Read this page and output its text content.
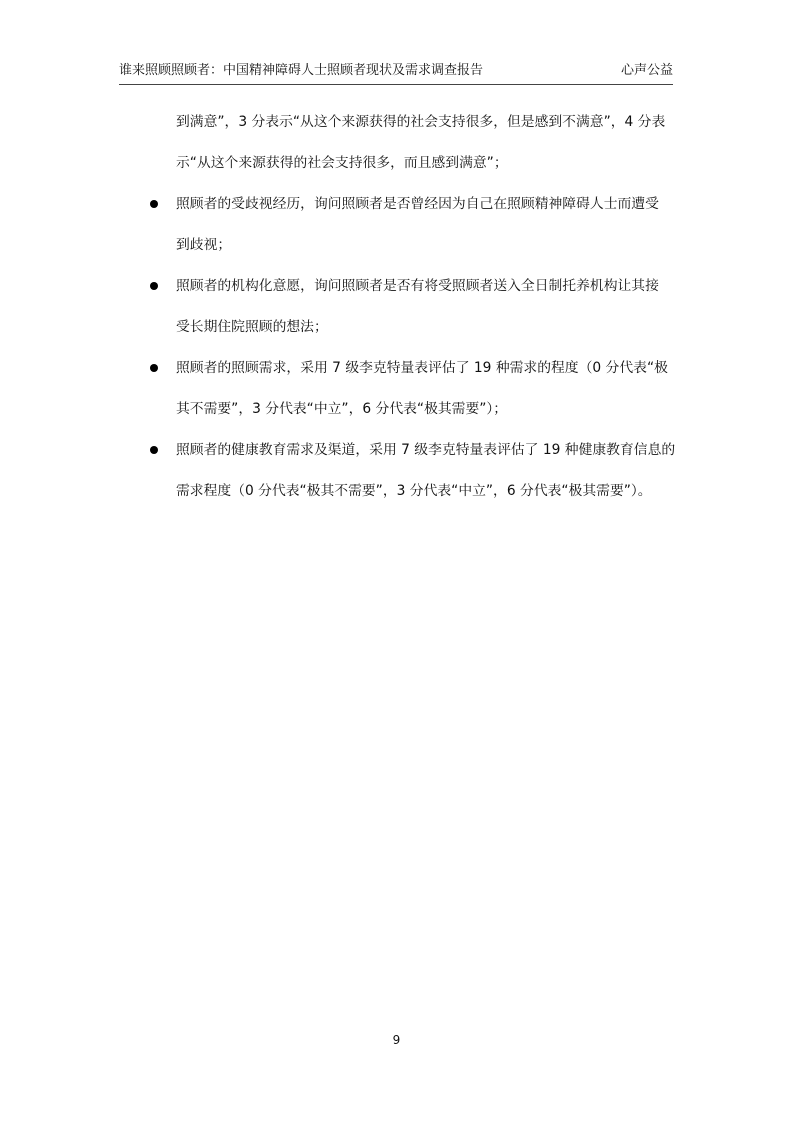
谁来照顾照顾者：中国精神障碍人士照顾者现状及需求调查报告	心声公益
到满意”，3 分表示“从这个来源获得的社会支持很多，但是感到不满意”，4 分表
示“从这个来源获得的社会支持很多，而且感到满意”；
照顾者的受歧视经历，询问照顾者是否曾经因为自己在照顾精神障碍人士而遭受
到歧视；
照顾者的机构化意愿，询问照顾者是否有将受照顾者送入全日制托养机构让其接
受长期住院照顾的想法；
照顾者的照顾需求，采用 7 级李克特量表评估了 19 种需求的程度（0 分代表“极
其不需要”，3 分代表“中立”，6 分代表“极其需要”）；
照顾者的健康教育需求及渠道，采用 7 级李克特量表评估了 19 种健康教育信息的
需求程度（0 分代表“极其不需要”，3 分代表“中立”，6 分代表“极其需要”）。
9
